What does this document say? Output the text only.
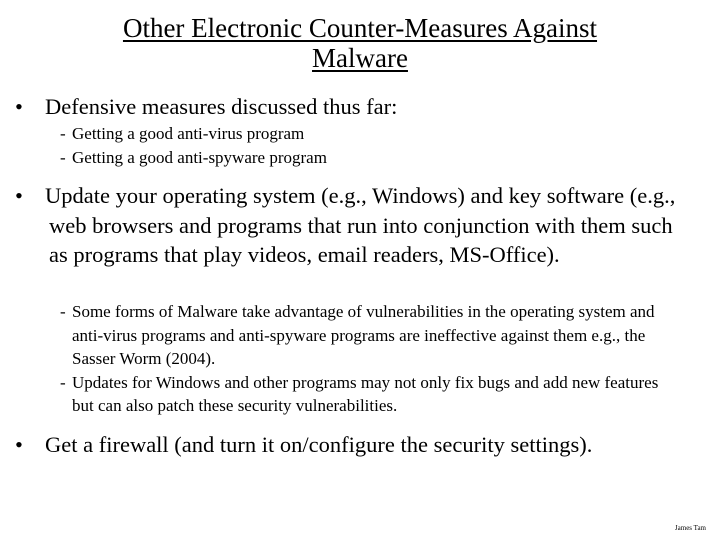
Other Electronic Counter-Measures Against
Malware

• Defensive measures discussed thus far:

- Getting a good anti-virus program
- Getting a good anti-spyware program

• Update your operating system (e.g., Windows) and key software (e.g., web browsers and programs that run into conjunction with them such as programs that play videos, email readers, MS-Office).

- Some forms of Malware take advantage of vulnerabilities in the operating system and anti-virus programs and anti-spyware programs are ineffective against them e.g., the Sasser Worm (2004).
- Updates for Windows and other programs may not only fix bugs and add new features but can also patch these security vulnerabilities.

• Get a firewall (and turn it on/configure the security settings).

James Tam
